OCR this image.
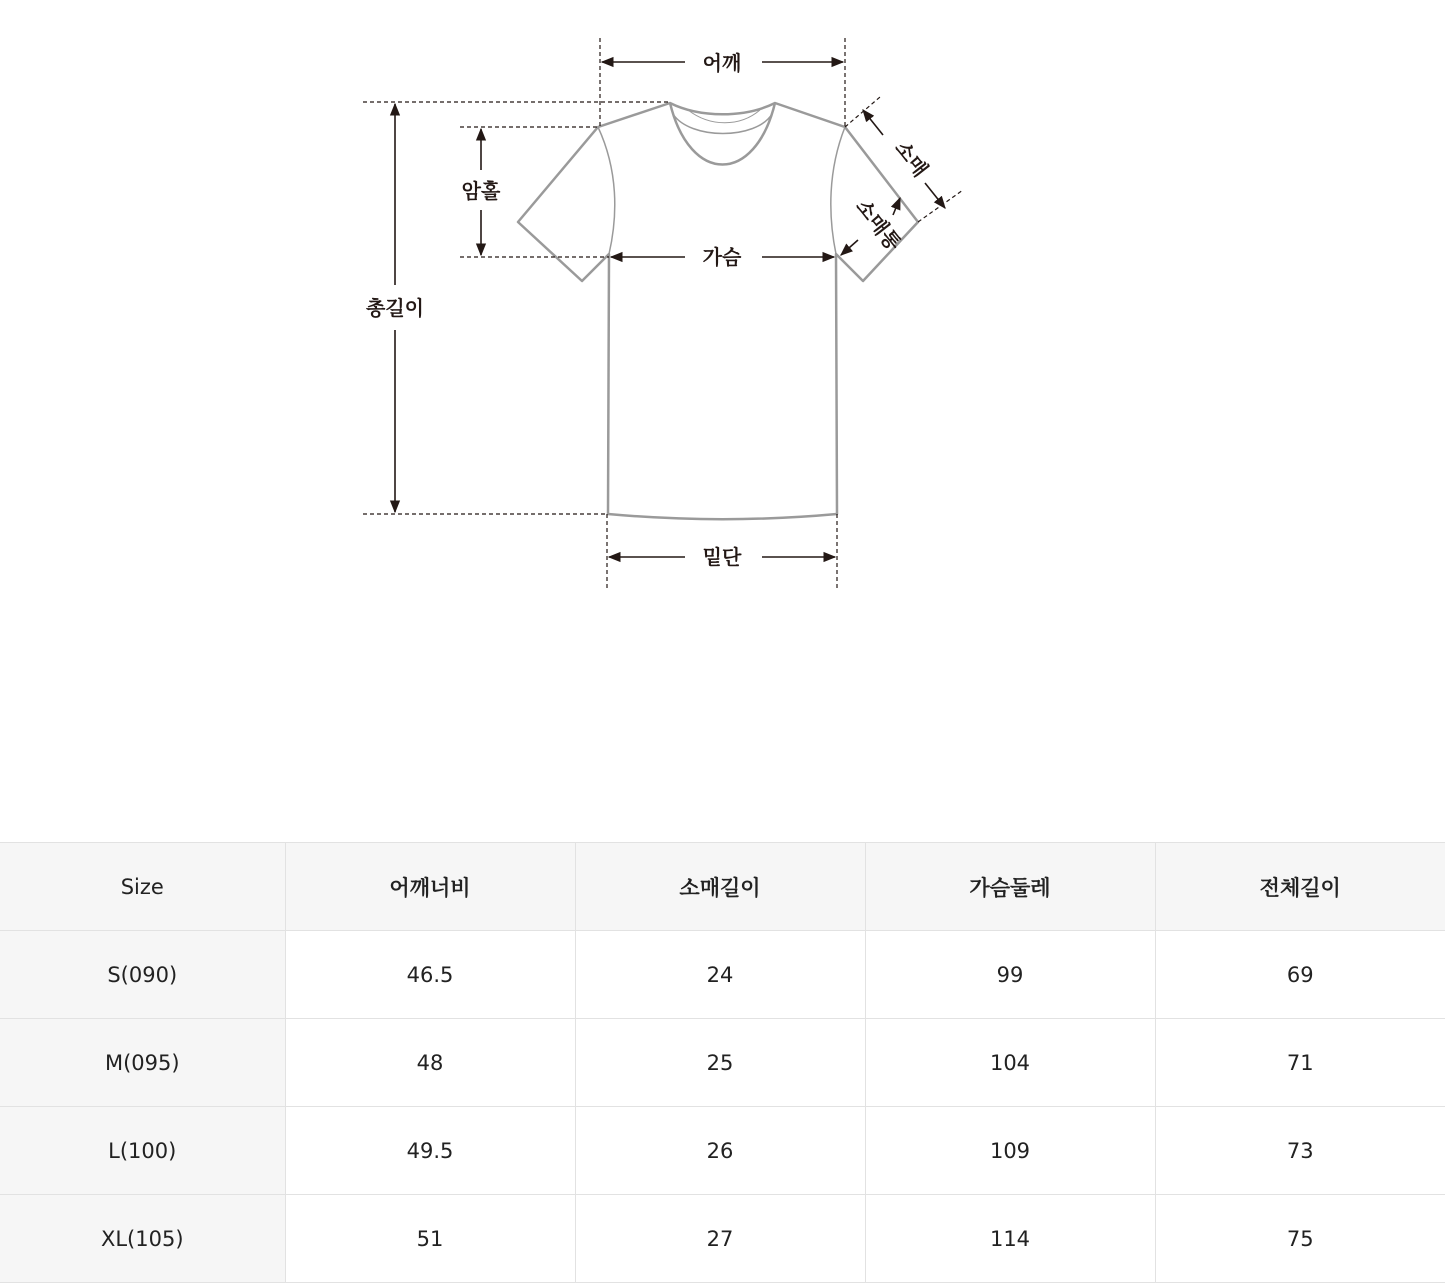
어깨
가슴
밑단
총길이
암홀
소매
소매통
Size	어깨너비	소매길이	가슴둘레	전체길이
S(090)	46.5	24	99	69
M(095)	48	25	104	71
L(100)	49.5	26	109	73
XL(105)	51	27	114	75
